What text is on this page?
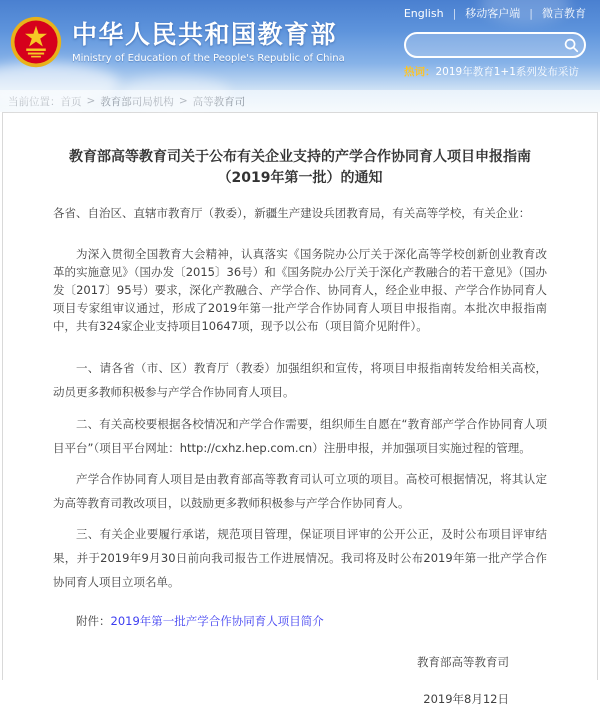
中华人民共和国教育部
Ministry of Education of the People's Republic of China
English | 移动客户端 | 微言教育
热词：2019年教育1+1系列发布采访
教育部司局机构 > 高等教育司
教育部高等教育司关于公布有关企业支持的产学合作协同育人项目申报指南（2019年第一批）的通知

各省、自治区、直辖市教育厅（教委），新疆生产建设兵团教育局，有关高等学校，有关企业：

为深入贯彻全国教育大会精神，认真落实《国务院办公厅关于深化高等学校创新创业教育改革的实施意见》（国办发〔2015〕36号）和《国务院办公厅关于深化产教融合的若干意见》（国办发〔2017〕95号）要求，深化产教融合、产学合作、协同育人，经企业申报、产学合作协同育人项目专家组审议通过，形成了2019年第一批产学合作协同育人项目申报指南。本批次申报指南中，共有324家企业支持项目10647项，现予以公布（项目简介见附件）。

一、请各省（市、区）教育厅（教委）加强组织和宣传，将项目申报指南转发给相关高校，动员更多教师积极参与产学合作协同育人项目。

二、有关高校要根据各校情况和产学合作需要，组织师生自愿在“教育部产学合作协同育人项目平台”（项目平台网址：http://cxhz.hep.com.cn）注册申报，并加强项目实施过程的管理。

产学合作协同育人项目是由教育部高等教育司认可立项的项目。高校可根据情况，将其认定为高等教育司教改项目，以鼓励更多教师积极参与产学合作协同育人。

三、有关企业要履行承诺，规范项目管理，保证项目评审的公开公正，及时公布项目评审结果，并于2019年9月30日前向我司报告工作进展情况。我司将及时公布2019年第一批产学合作协同育人项目立项名单。

附件：2019年第一批产学合作协同育人项目简介

教育部高等教育司

2019年8月12日
